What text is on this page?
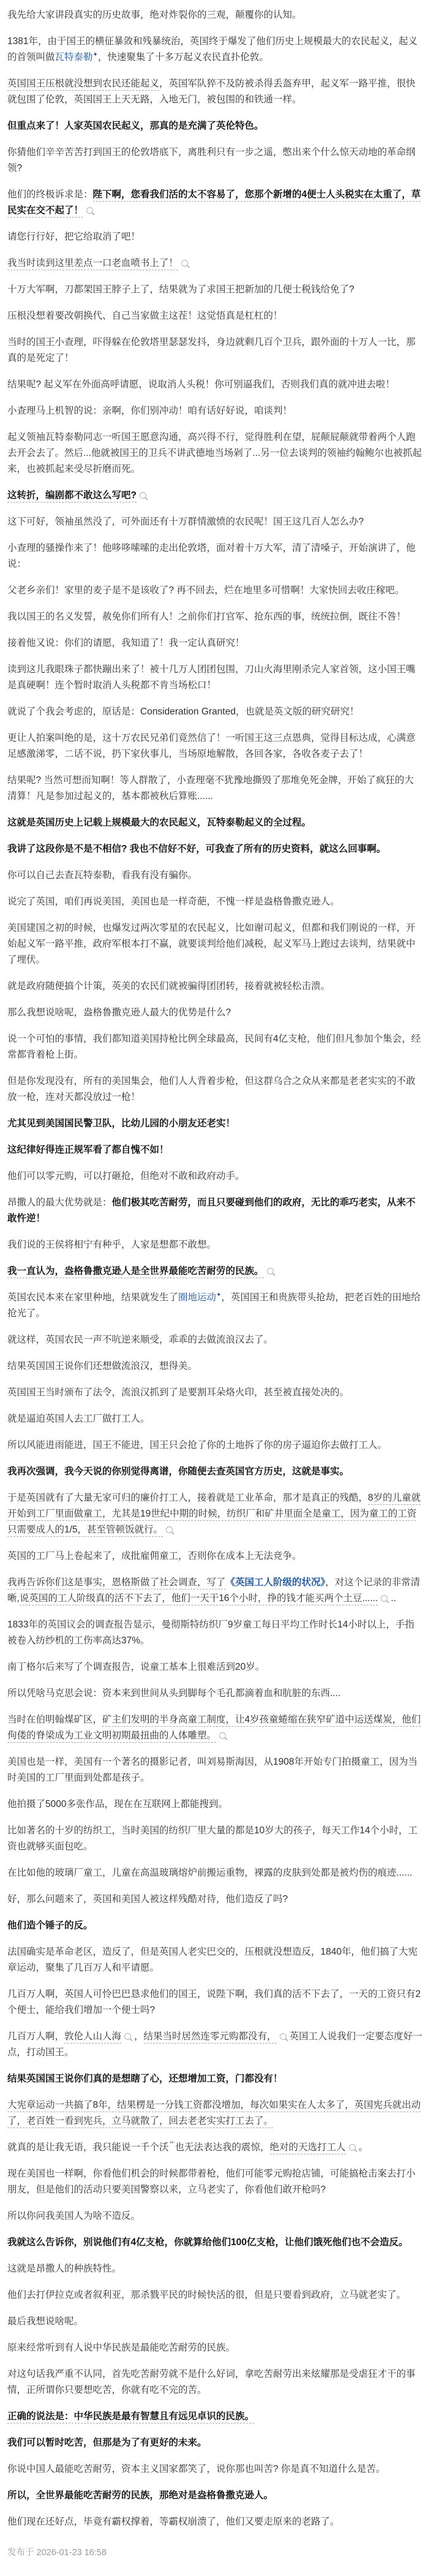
我先给大家讲段真实的历史故事，绝对炸裂你的三观，颠覆你的认知。

1381年，由于国王的横征暴敛和残暴统治，英国终于爆发了他们历史上规模最大的农民起义，起义的首领叫做瓦特泰勒✦，快速聚集了十多万起义农民直扑伦敦。

英国国王压根就没想到农民还能起义，英国军队猝不及防被杀得丢盔弃甲，起义军一路平推，很快就包围了伦敦，英国国王上天无路，入地无门，被包围的和铁通一样。

但重点来了！人家英国农民起义，那真的是充满了英伦特色。

你猜他们辛辛苦苦打到国王的伦敦塔底下，离胜利只有一步之遥，憋出来个什么惊天动地的革命纲领?

他们的终极诉求是：陛下啊，您看我们活的太不容易了，您那个新增的4便士人头税实在太重了，草民实在交不起了！

请您行行好，把它给取消了吧！

我当时读到这里差点一口老血喷书上了！

十万大军啊，刀都架国王脖子上了，结果就为了求国王把新加的几便士税钱给免了?

压根没想着要改朝换代、自己当家做主这茬！这觉悟真是杠杠的！

当时的国王小查理，吓得躲在伦敦塔里瑟瑟发抖，身边就剩几百个卫兵，跟外面的十万人一比，那真的是死定了！

结果呢? 起义军在外面高呼请愿，说取消人头税！你可别逼我们，否则我们真的就冲进去啦！

小查理马上机智的说：亲啊，你们别冲动！咱有话好好说，咱谈判！

起义领袖瓦特泰勒同志一听国王愿意沟通，高兴得不行，觉得胜利在望，屁颠屁颠就带着两个人跑去开会去了。然后...他就被国王的卫兵不讲武德地当场剁了...另一位去谈判的领袖约翰鲍尔也被抓起来，也被抓起来受尽折磨而死。

这转折，编剧都不敢这么写吧?

这下可好，领袖虽然没了，可外面还有十万群情激愤的农民呢！国王这几百人怎么办?

小查理的骚操作来了！他哆哆嗦嗦的走出伦敦塔，面对着十万大军，清了清嗓子，开始演讲了，他说：

父老乡亲们！家里的麦子是不是该收了? 再不回去，烂在地里多可惜啊！大家快回去收庄稼吧。

我以国王的名义发誓，赦免你们所有人！之前你们打官军、抢东西的事，统统拉倒，既往不咎！

接着他又说：你们的请愿，我知道了！我一定认真研究！

读到这儿我眼珠子都快蹦出来了！被十几万人团团包围，刀山火海里刚杀完人家首领，这小国王嘴是真硬啊！连个暂时取消人头税都不肯当场松口！

就说了个我会考虑的，原话是：Consideration Granted，也就是英文版的研究研究！

更让人拍案叫绝的是，这十万农民兄弟们竟然信了！一听国王这三点恩典，觉得目标达成，心满意足感激涕零，二话不说，扔下家伙事儿，当场原地解散，各回各家，各收各麦子去了！

结果呢? 当然可想而知啊！等人群散了，小查理毫不犹豫地撕毁了那堆免死金牌，开始了疯狂的大清算！凡是参加过起义的，基本都被秋后算账......

这就是英国历史上记载上规模最大的农民起义，瓦特泰勒起义的全过程。

我讲了这段你是不是不相信? 我也不信好不好，可我查了所有的历史资料，就这么回事啊。

你可以自己去查瓦特泰勒，看我有没有骗你。

说完了英国，咱们再说美国，美国也是一样奇葩，不愧一样是盎格鲁撒克逊人。

美国建国之初的时候，也爆发过两次零星的农民起义，比如谢司起义，但都和我们刚说的一样，开始起义军一路平推，政府军根本打不赢，就要谈判给他们减税，起义军马上跑过去谈判，结果就中了埋伏。

就是政府随便搞个计策，英美的农民们就被骗得团团转，接着就被轻松击溃。

那么我想说啥呢，盎格鲁撒克逊人最大的优势是什么?

说一个可怕的事情，我们都知道美国持枪比例全球最高，民间有4亿支枪，他们但凡参加个集会，经常都背着枪上街。

但是你发现没有，所有的美国集会，他们人人背着步枪，但这群乌合之众从来都是老老实实的不敢放一枪，连对天都没放过一枪！

尤其见到美国国民警卫队，比幼儿园的小朋友还老实！

这纪律好得连正规军看了都自愧不如！

他们可以零元购，可以打砸抢，但绝对不敢和政府动手。

昂撒人的最大优势就是：他们极其吃苦耐劳，而且只要碰到他们的政府，无比的乖巧老实，从来不敢忤逆！

我们说的王侯将相宁有种乎，人家是想都不敢想。

我一直认为，盎格鲁撒克逊人是全世界最能吃苦耐劳的民族。

英国农民本来在家里种地，结果就发生了圈地运动✦，英国国王和贵族带头抢劫，把老百姓的田地给抢光了。

就这样，英国农民一声不吭逆来顺受，乖乖的去做流浪汉去了。

结果英国国王说你们还想做流浪汉，想得美。

英国国王当时颁布了法令，流浪汉抓到了是要割耳朵烙火印，甚至被直接处决的。

就是逼迫英国人去工厂做打工人。

所以风能进雨能进，国王不能进，国王只会抢了你的土地拆了你的房子逼迫你去做打工人。

我再次强调，我今天说的你别觉得离谱，你随便去查英国官方历史，这就是事实。

于是英国就有了大量无家可归的廉价打工人，接着就是工业革命，那才是真正的残酷，8岁的儿童就开始到工厂里面做童工，尤其是19世纪中期的时候，纺织厂和矿井里面全是童工，因为童工的工资只需要成人的1/5，甚至管顿饭就行。

英国的工厂马上卷起来了，成批雇佣童工，否则你在成本上无法竞争。

我再告诉你们这是事实，恩格斯做了社会调查，写了《英国工人阶级的状况》，对这个记录的非常清晰,说英国的工人阶级真的活不下去了，他们一天干16个小时，挣的钱才能买两个土豆...... ..

1833年的英国议会的调查报告显示，曼彻斯特纺织厂9岁童工每日平均工作时长14小时以上，手指被卷入纺纱机的工伤率高达37%。

南丁格尔后来写了个调查报告，说童工基本上很难活到20岁。

所以凭啥马克思会说：资本来到世间从头到脚每个毛孔都滴着血和肮脏的东西....

当时在伯明翰煤矿区，矿主们发明的半身高童工制度，让4岁孩童蜷缩在狭窄矿道中运送煤炭，他们佝偻的脊梁成为工业文明初期最扭曲的人体雕塑。

美国也是一样，美国有一个著名的摄影记者，叫刘易斯海因，从1908年开始专门拍摄童工，因为当时美国的工厂里面到处都是孩子。

他拍摄了5000多张作品，现在在互联网上都能搜到。

比如著名的十岁的纺织工，当时美国的纺织厂里大量的都是10岁大的孩子，每天工作14个小时，工资也就够买面包吃。

在比如他的玻璃厂童工，儿童在高温玻璃熔炉前搬运重物，裸露的皮肤到处都是被灼伤的痕迹......

好，那么问题来了，英国和美国人被这样残酷对待，他们造反了吗?

他们造个锤子的反。

法国确实是革命老区，造反了，但是英国人老实巴交的，压根就没想造反，1840年，他们搞了大宪章运动，聚集了几百万人和平请愿。

几百万人啊，英国人可怜巴巴恳求他们的国王，说陛下啊，我们真的活不下去了，一天的工资只有2个便士，能给我们增加一个便士吗?

几百万人啊，敦伦人山人海 ，结果当时居然连零元购都没有， 英国工人说我们一定要态度好一点，打动国王。

结果英国国王说你们真的是想瞎了心，还想增加工资，门都没有！

大宪章运动一共搞了8年，结果楞是一分钱工资都没增加，每次如果实在人太多了，英国宪兵就出动了，老百姓一看到宪兵，立马就散了，回去老老实实打工去了。

就真的是让我无语，我只能说一千个沃$^艹$也无法表达我的震惊，绝对的天选打工人 。

现在美国也一样啊，你看他们机会的时候都带着枪，他们可能零元购抢店铺，可能搞枪击案去打小朋友，但是他们的活动只要美国警察以来，立马老实了，你看他们敢开枪吗?

所以你问我美国人为啥不造反。

我就这么告诉你，别说他们有4亿支枪，你就算给他们100亿支枪，让他们饿死他们也不会造反。

这就是昂撒人的种族特性。

他们去打伊拉克或者叙利亚，那杀戮平民的时候快活的很，但是只要看到政府，立马就老实了。

最后我想说啥呢。

原来经常听到有人说中华民族是最能吃苦耐劳的民族。

对这句话我严重不认同，首先吃苦耐劳就不是什么好词，拿吃苦耐劳出来炫耀那是受虐狂才干的事情，正所谓你只要想吃苦，你就有吃不完的苦。

正确的说法是：中华民族是最有智慧且有远见卓识的民族。

我们可以暂时吃苦，但那是为了有更好的未来。

你说中国人最能吃苦耐劳，资本主义国家都笑了，说你那也叫苦? 你是真不知道什么是苦。

所以，全世界最能吃苦耐劳的民族，那绝对是盎格鲁撒克逊人。

他们现在还好点，毕竟有霸权撑着，等霸权崩溃了，他们又要走原来的老路了。

发布于 2026-01-23 16:58
